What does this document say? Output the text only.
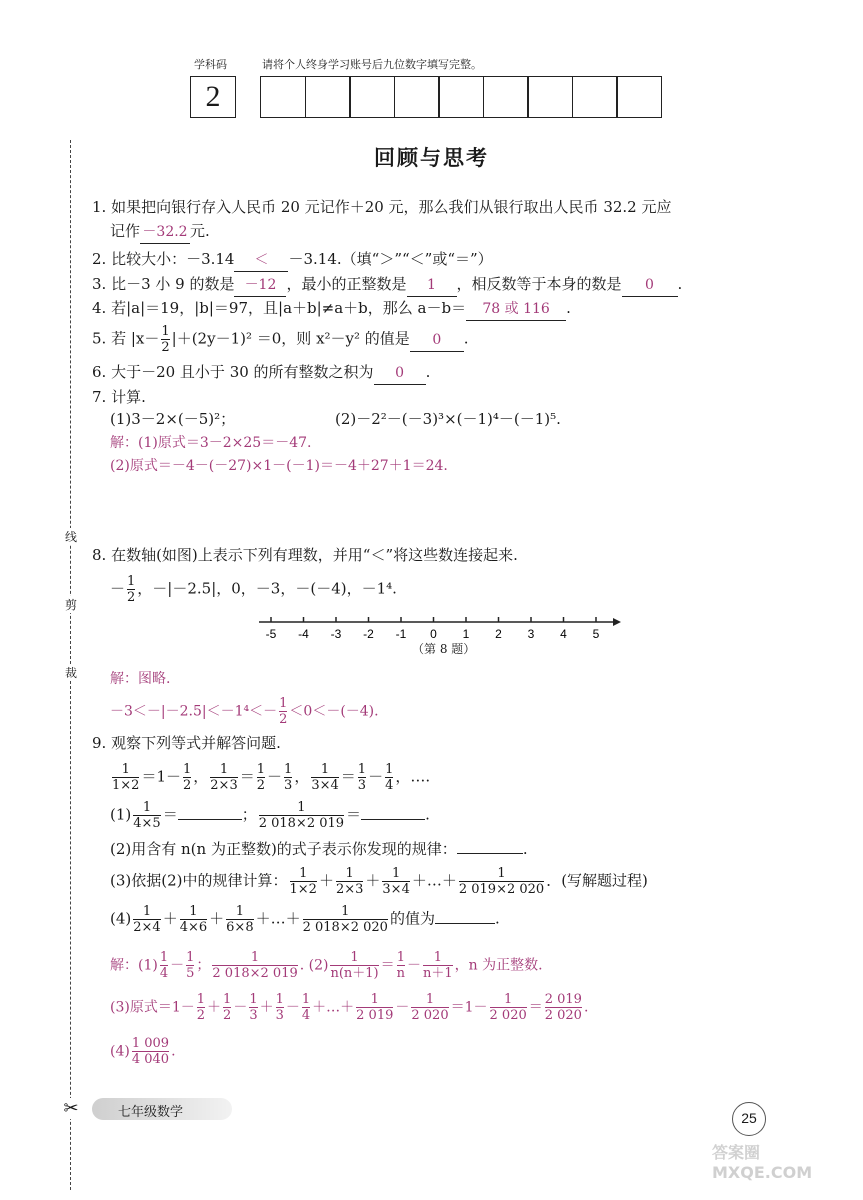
学科码	请将个人终身学习账号后九位数字填写完整。
2
线
剪
裁
✂
回顾与思考
1. 如果把向银行存入人民币 20 元记作＋20 元，那么我们从银行取出人民币 32.2 元应
记作 －32.2 元.
2. 比较大小：－3.14 ＜ －3.14.（填“＞”“＜”或“＝”）
3. 比－3 小 9 的数是 －12 ，最小的正整数是 1 ，相反数等于本身的数是 0 .
4. 若|a|＝19，|b|＝97，且|a＋b|≠a＋b，那么 a－b＝ 78 或 116 .
5. 若 $|x- \frac{1}{2} |+(2y-1)^2 =0$，则 x²－y² 的值是 0 .
6. 大于－20 且小于 30 的所有整数之积为 0 .
7. 计算.
(1)3－2×(－5)²；	(2)－2²－(－3)³×(－1)⁴－(－1)⁵.
解：(1)原式＝3－2×25＝－47.
(2)原式＝－4－(－27)×1－(－1)＝－4＋27＋1＝24.
8. 在数轴(如图)上表示下列有理数，并用“＜”将这些数连接起来.
－ $\frac{1}{2}$ ，－|－2.5|，0，－3，－(－4)，－1⁴.
-5 -4 -3 -2 -1 0 1 2 3 4 5
（第 8 题）
解：图略.
$-3<-|-2.5|<-1^4<- \frac{1}{2} <0<-(-4)$.
9. 观察下列等式并解答问题.
$\frac{1}{1\times 2} =1- \frac{1}{2}$ ， $\frac{1}{2\times 3} = \frac{1}{2} - \frac{1}{3}$ ， $\frac{1}{3\times 4} = \frac{1}{3} - \frac{1}{4}$ ，….
$(1) \frac{1}{4\times 5}$ ＝	； $\frac{1}{2 018\times 2 019}$ ＝	.
(2)用含有 n(n 为正整数)的式子表示你发现的规律：	.
(3)依据(2)中的规律计算： $\frac{1}{1\times 2} + \frac{1}{2\times 3} + \frac{1}{3\times 4}$ ＋…＋ $\frac{1}{2 019\times 2 020}$ ．(写解题过程)
$(4) \frac{1}{2\times 4} + \frac{1}{4\times 6} + \frac{1}{6\times 8}$ ＋…＋ $\frac{1}{2 018\times 2 020}$ 的值为	.
解：$(1) \frac{1}{4} - \frac{1}{5}$ ； $\frac{1}{2 018\times 2 019}$ . $(2) \frac{1}{n(n+1)} = \frac{1}{n} - \frac{1}{n+1}$ ，n 为正整数.
(3)原式$=1- \frac{1}{2} + \frac{1}{2} - \frac{1}{3} + \frac{1}{3} - \frac{1}{4}$ ＋…＋ $\frac{1}{2 019} - \frac{1}{2 020} =1- \frac{1}{2 020} = \frac{2 019}{2 020}$ .
$(4) \frac{1 009}{4 040}$ .
七年级数学	25
答案圈 MXQE.COM
